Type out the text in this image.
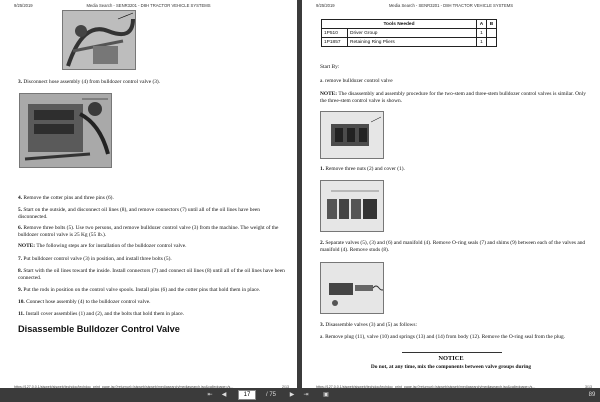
9/25/2019	Media Search - SENR3201 - D8H TRACTOR VEHICLE SYSTEMS
3. Disconnect hose assembly (4) from bulldozer control valve (3).
4. Remove the cotter pins and three pins (6).
5. Start on the outside, and disconnect oil lines (8), and remove connectors (7) until all of the oil lines have been disconnected.
6. Remove three bolts (5). Use two persons, and remove bulldozer control valve (3) from the machine. The weight of the bulldozer control valve is 25 Kg (55 lb.).
NOTE: The following steps are for installation of the bulldozer control valve.
7. Put bulldozer control valve (3) in position, and install three bolts (5).
8. Start with the oil lines toward the inside. Install connectors (7) and connect oil lines (8) until all of the oil lines have been connected.
9. Put the rods in position on the control valve spools. Install pins (6) and the cotter pins that hold them in place.
10. Connect hose assembly (4) to the bulldozer control valve.
11. Install cover assemblies (1) and (2), and the bolts that hold them in place.
Disassemble Bulldozer Control Valve
https://127.0.0.1/sisweb/sisweb/techdoc/techdoc_print_page.jsp?returnurl=/sisweb/sisweb/mediasearch/mediasearch.jsp&calledpage=/s...	2/13
9/25/2019	Media Search - SENR3201 - D8H TRACTOR VEHICLE SYSTEMS
Start By:
a. remove bulldozer control valve
NOTE: The disassembly and assembly procedure for the two-stem and three-stem bulldozer control valves is similar. Only the three-stem control valve is shown.
1. Remove three nuts (2) and cover (1).
2. Separate valves (5), (3) and (6) and manifold (4). Remove O-ring seals (7) and shims (9) between each of the valves and manifold (4). Remove studs (8).
3. Disassemble valves (3) and (5) as follows:
a. Remove plug (11), valve (10) and springs (13) and (14) from body (12). Remove the O-ring seal from the plug.
NOTICE
Do not, at any time, mix the components between valve groups during
https://127.0.0.1/sisweb/sisweb/techdoc/techdoc_print_page.jsp?returnurl=/sisweb/sisweb/mediasearch/mediasearch.jsp&calledpage=/s...	3/13
Tools Needed		A	B
1P510	Driver Group	1	
1P1857	Retaining Ring Pliers	1	
⇤ ◀	17	/ 75	▶ ⇥ ▣	89
